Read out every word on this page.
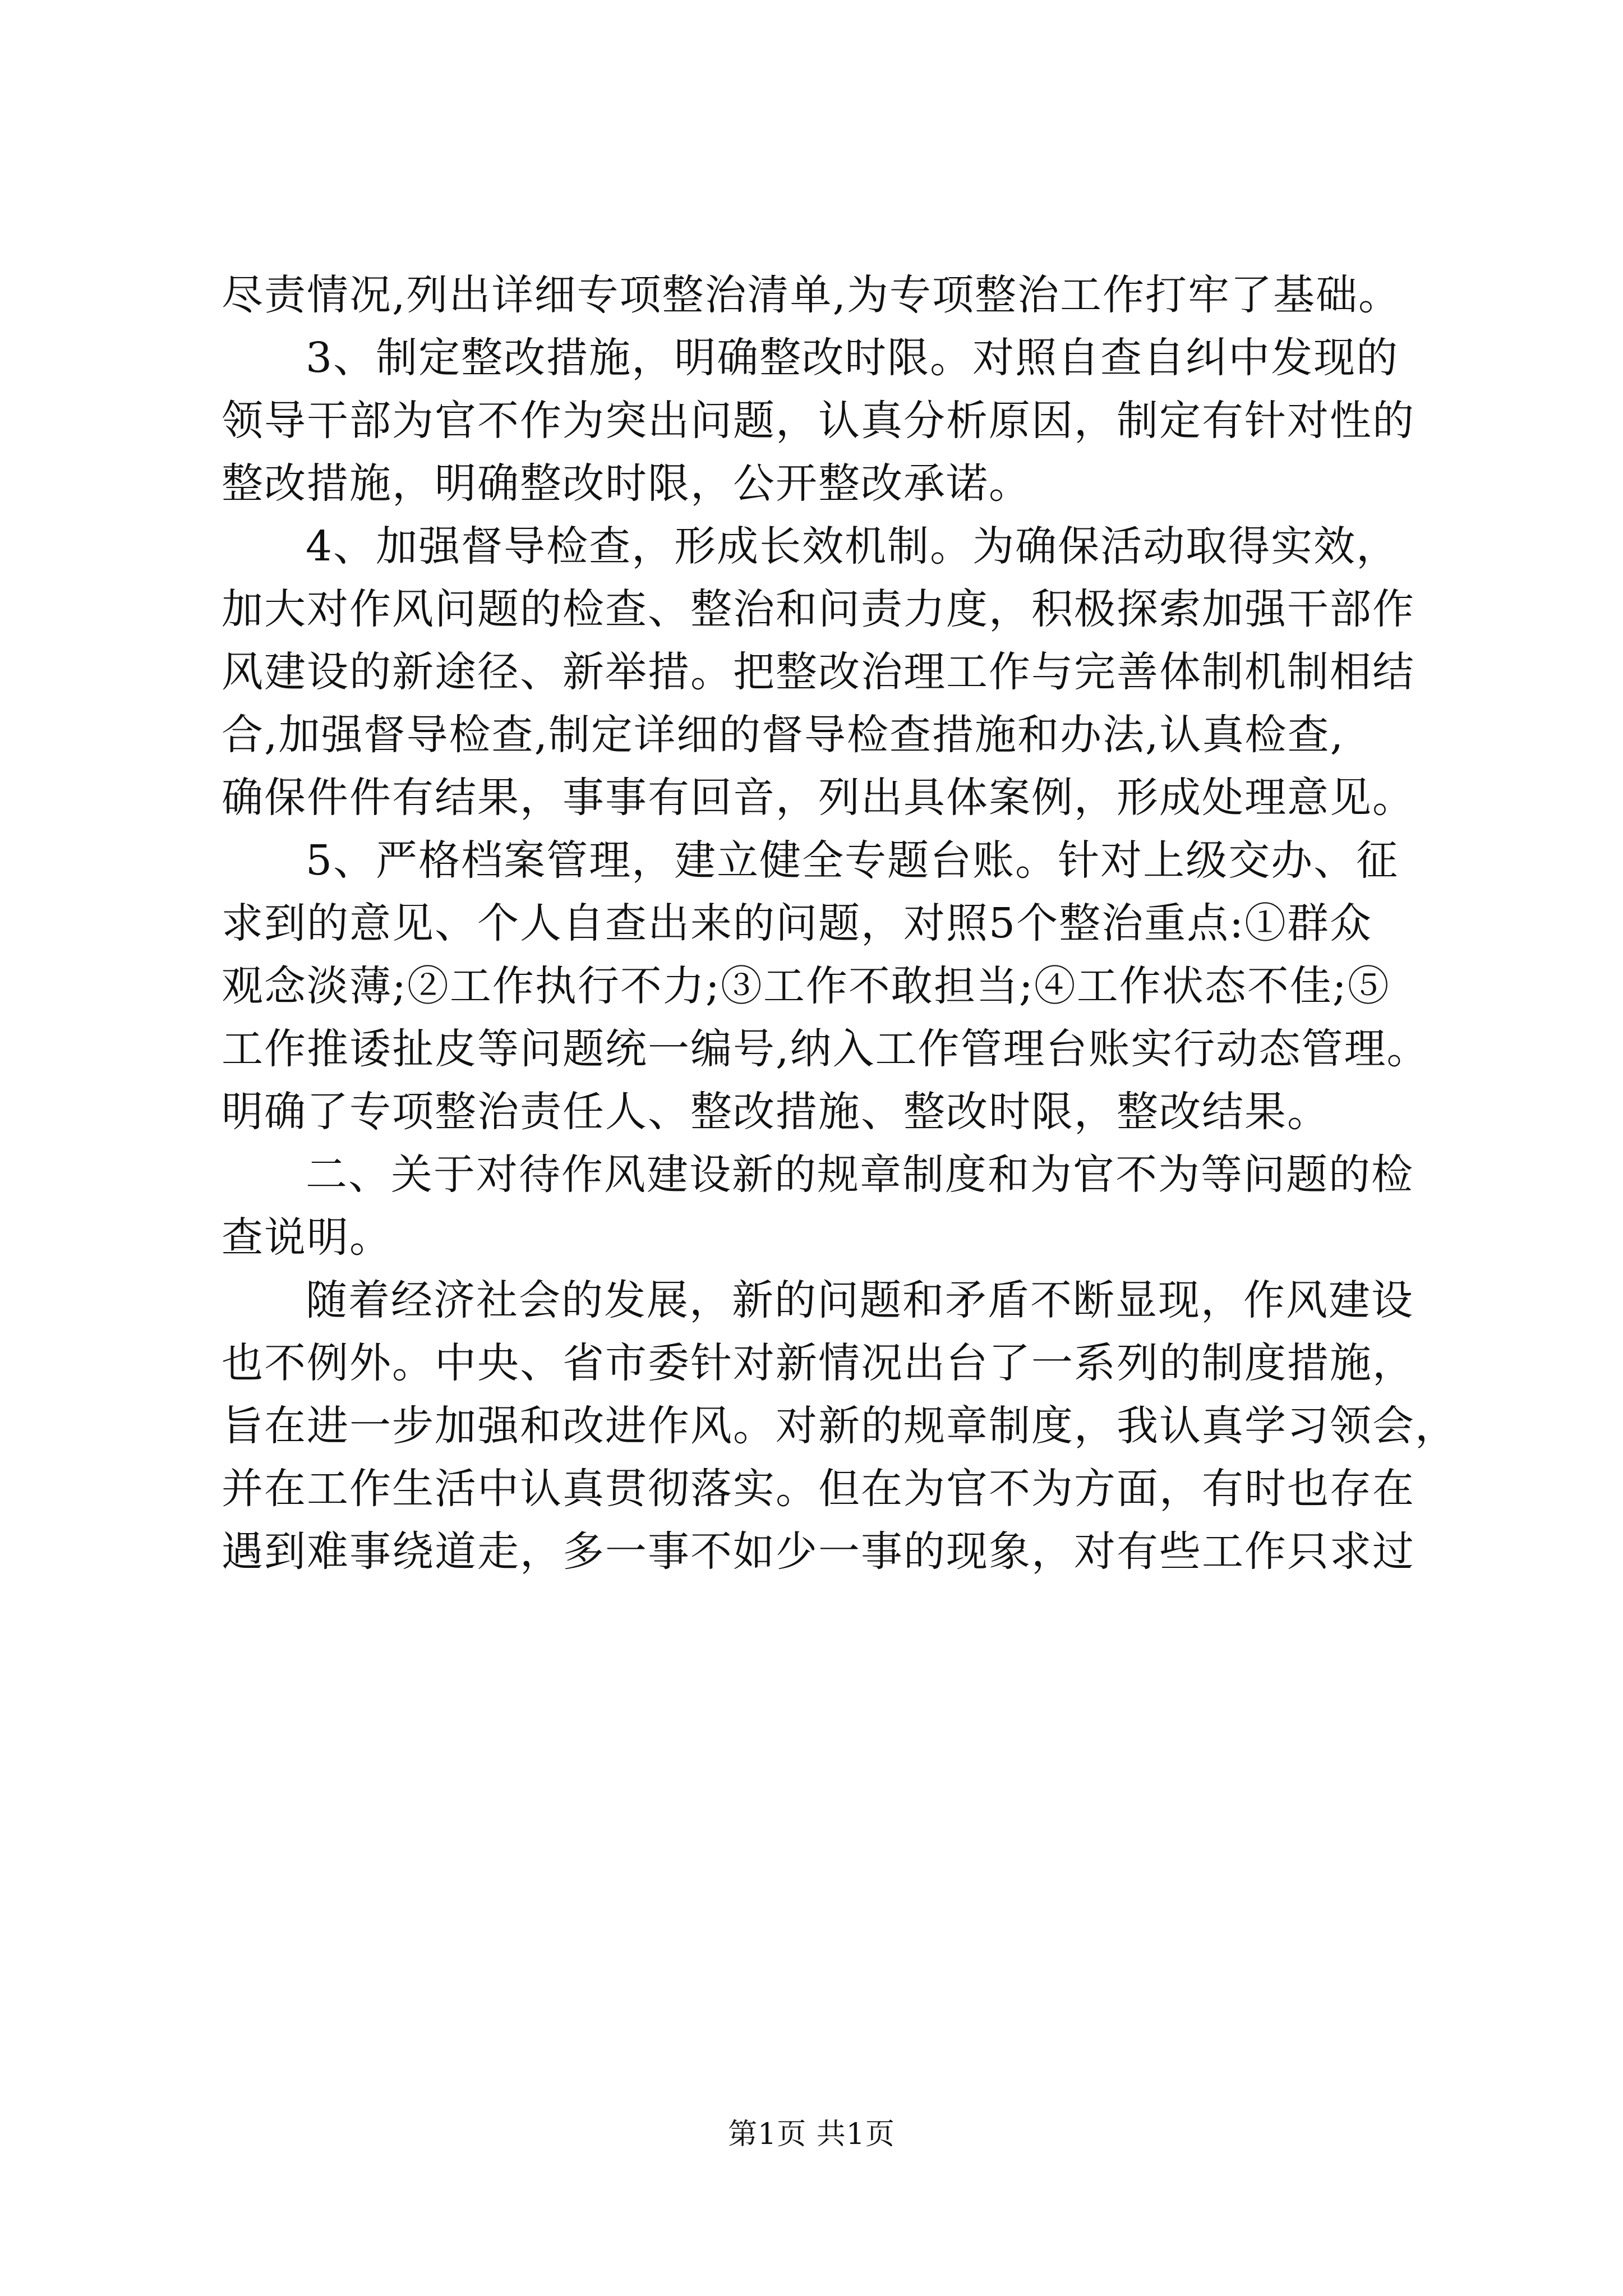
尽责情况,列出详细专项整治清单,为专项整治工作打牢了基础。
3、制定整改措施，明确整改时限。对照自查自纠中发现的
领导干部为官不作为突出问题，认真分析原因，制定有针对性的
整改措施，明确整改时限，公开整改承诺。
4、加强督导检查，形成长效机制。为确保活动取得实效，
加大对作风问题的检查、整治和问责力度，积极探索加强干部作
风建设的新途径、新举措。把整改治理工作与完善体制机制相结
合,加强督导检查,制定详细的督导检查措施和办法,认真检查,
确保件件有结果，事事有回音，列出具体案例，形成处理意见。
5、严格档案管理，建立健全专题台账。针对上级交办、征
求到的意见、个人自查出来的问题，对照5个整治重点:①群众
观念淡薄;②工作执行不力;③工作不敢担当;④工作状态不佳;⑤
工作推诿扯皮等问题统一编号,纳入工作管理台账实行动态管理。
明确了专项整治责任人、整改措施、整改时限，整改结果。
二、关于对待作风建设新的规章制度和为官不为等问题的检
查说明。
随着经济社会的发展，新的问题和矛盾不断显现，作风建设
也不例外。中央、省市委针对新情况出台了一系列的制度措施，
旨在进一步加强和改进作风。对新的规章制度，我认真学习领会，
并在工作生活中认真贯彻落实。但在为官不为方面，有时也存在
遇到难事绕道走，多一事不如少一事的现象，对有些工作只求过
第1页 共1页
